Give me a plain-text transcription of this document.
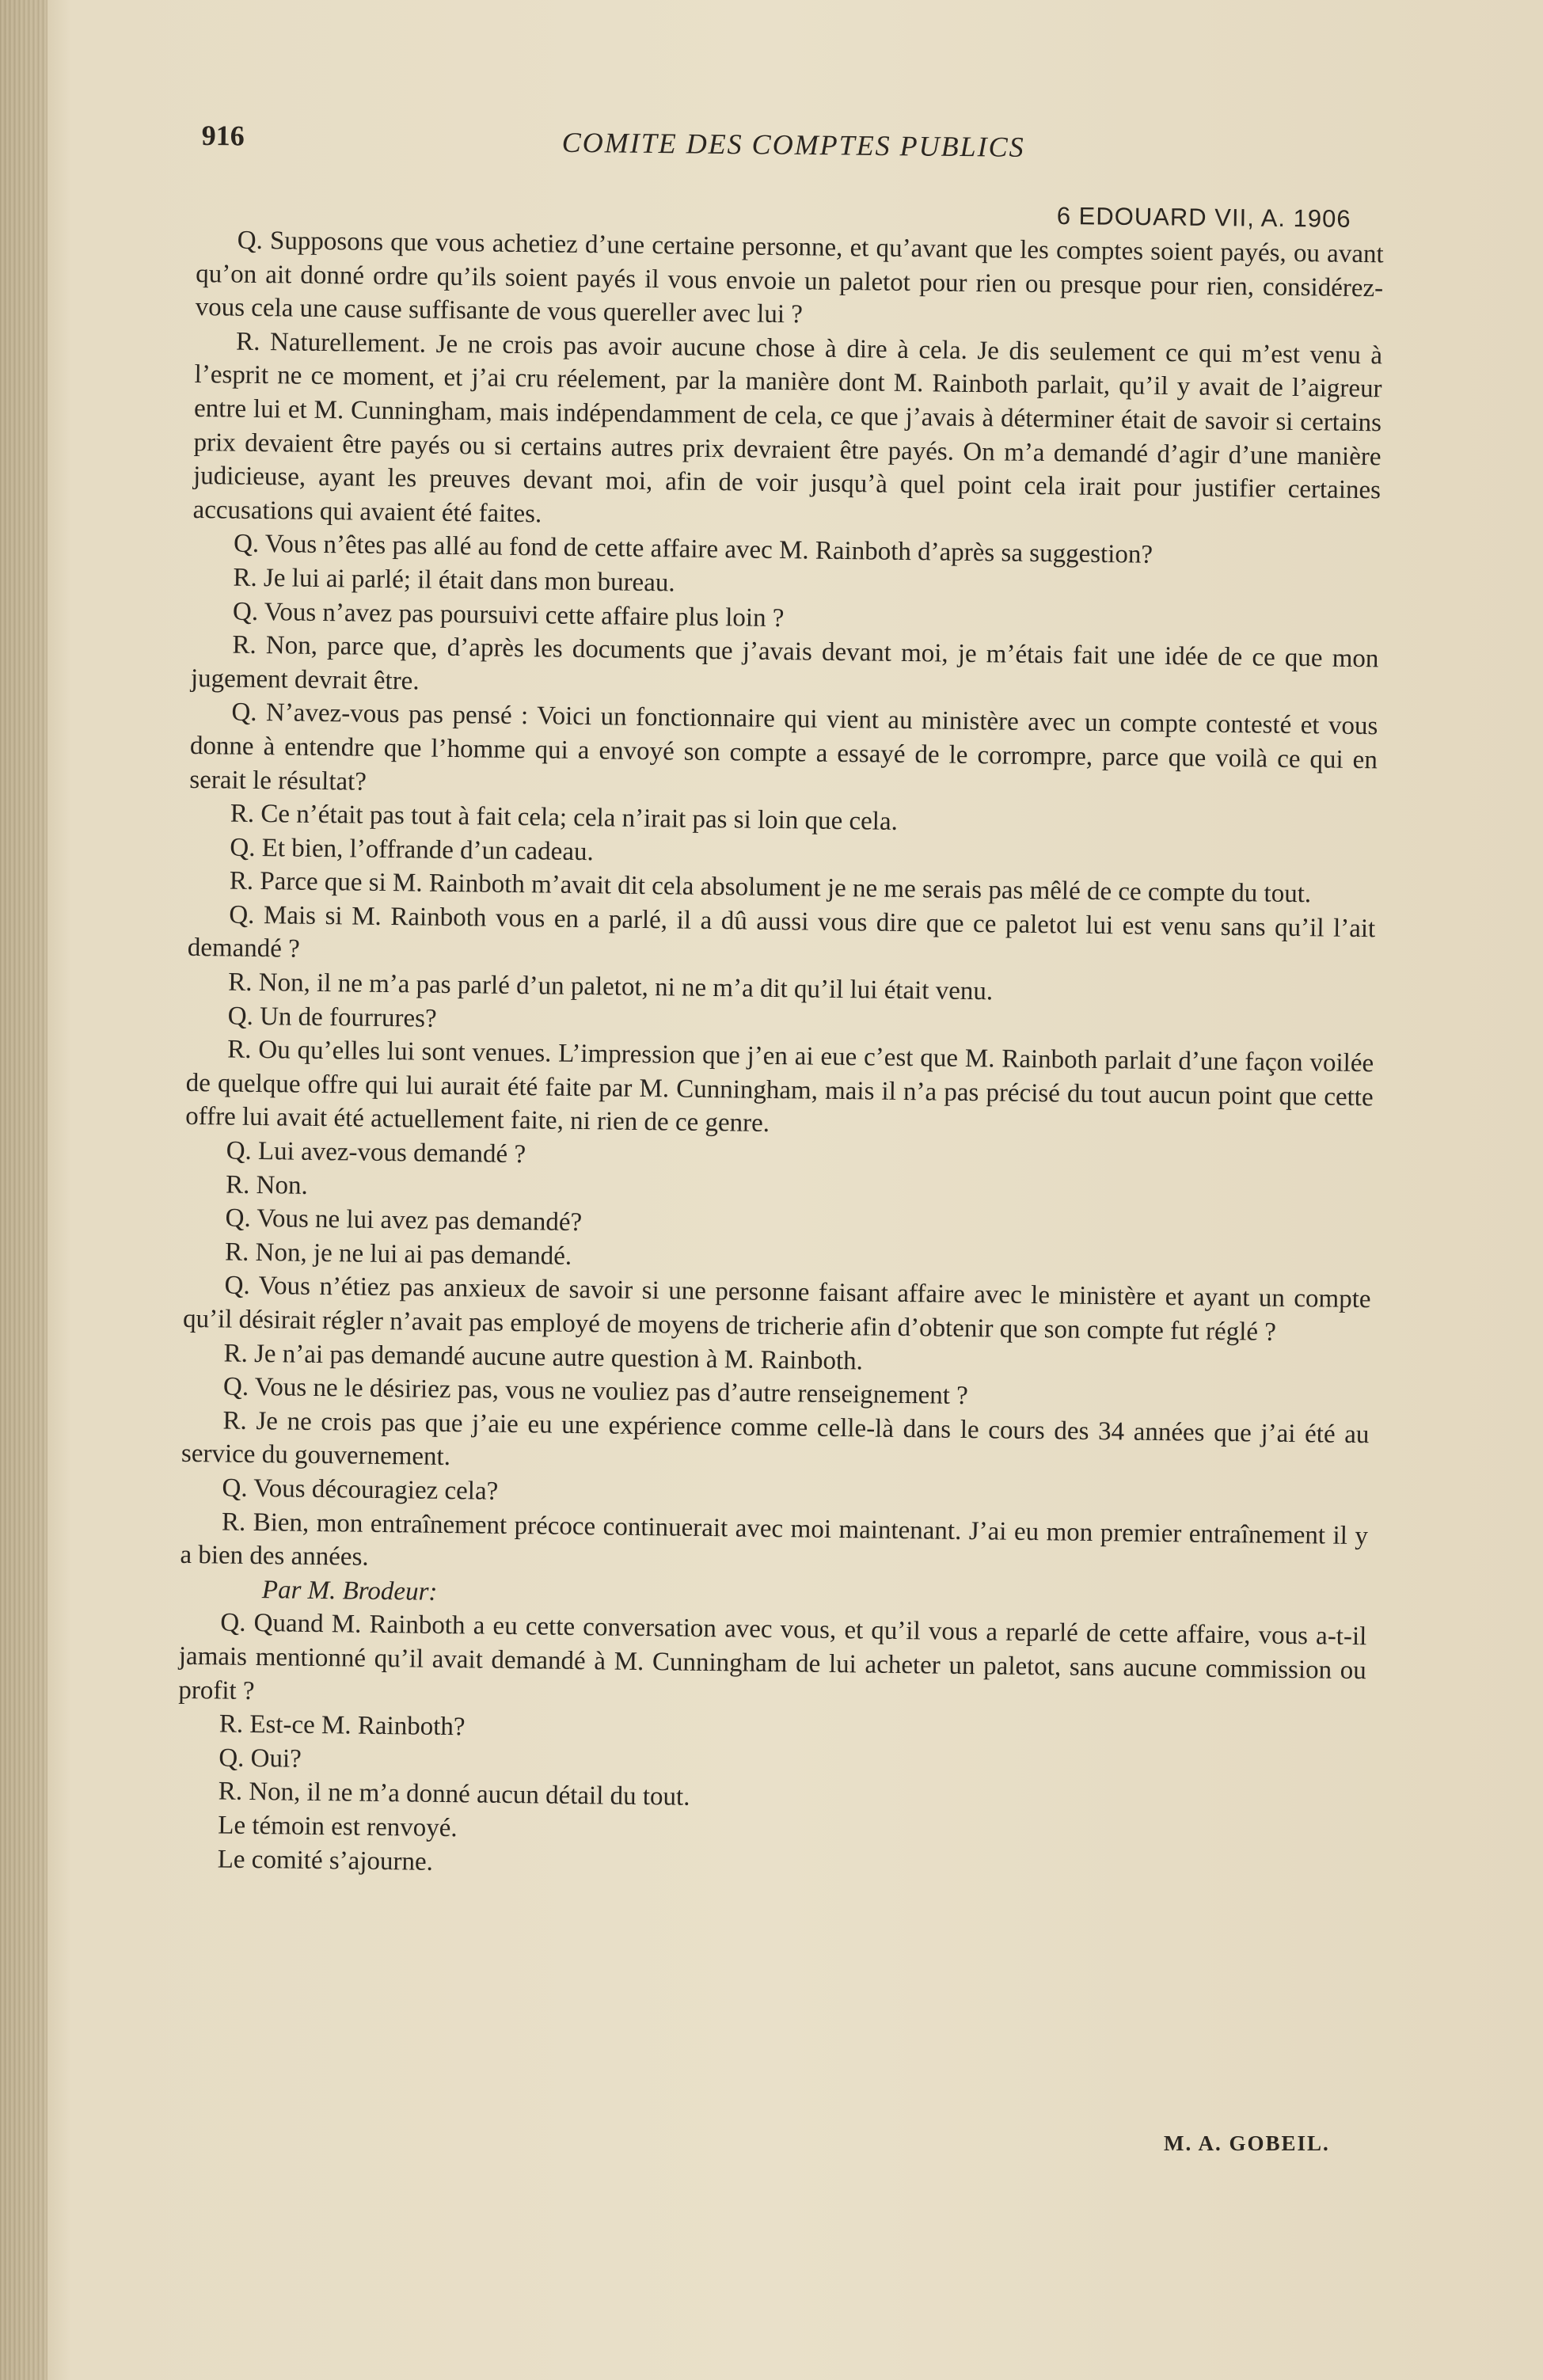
916	COMITE DES COMPTES PUBLICS
6 EDOUARD VII, A. 1906

Q. Supposons que vous achetiez d’une certaine personne, et qu’avant que les comptes soient payés, ou avant qu’on ait donné ordre qu’ils soient payés il vous envoie un paletot pour rien ou presque pour rien, considérez-vous cela une cause suffisante de vous quereller avec lui ?

R. Naturellement. Je ne crois pas avoir aucune chose à dire à cela. Je dis seulement ce qui m’est venu à l’esprit ne ce moment, et j’ai cru réelement, par la manière dont M. Rainboth parlait, qu’il y avait de l’aigreur entre lui et M. Cunningham, mais indépendamment de cela, ce que j’avais à déterminer était de savoir si certains prix devaient être payés ou si certains autres prix devraient être payés. On m’a demandé d’agir d’une manière judicieuse, ayant les preuves devant moi, afin de voir jusqu’à quel point cela irait pour justifier certaines accusations qui avaient été faites.

Q. Vous n’êtes pas allé au fond de cette affaire avec M. Rainboth d’après sa suggestion?

R. Je lui ai parlé; il était dans mon bureau.

Q. Vous n’avez pas poursuivi cette affaire plus loin ?

R. Non, parce que, d’après les documents que j’avais devant moi, je m’étais fait une idée de ce que mon jugement devrait être.

Q. N’avez-vous pas pensé : Voici un fonctionnaire qui vient au ministère avec un compte contesté et vous donne à entendre que l’homme qui a envoyé son compte a essayé de le corrompre, parce que voilà ce qui en serait le résultat?

R. Ce n’était pas tout à fait cela; cela n’irait pas si loin que cela.

Q. Et bien, l’offrande d’un cadeau.

R. Parce que si M. Rainboth m’avait dit cela absolument je ne me serais pas mêlé de ce compte du tout.

Q. Mais si M. Rainboth vous en a parlé, il a dû aussi vous dire que ce paletot lui est venu sans qu’il l’ait demandé ?

R. Non, il ne m’a pas parlé d’un paletot, ni ne m’a dit qu’il lui était venu.

Q. Un de fourrures?

R. Ou qu’elles lui sont venues. L’impression que j’en ai eue c’est que M. Rainboth parlait d’une façon voilée de quelque offre qui lui aurait été faite par M. Cunningham, mais il n’a pas précisé du tout aucun point que cette offre lui avait été actuellement faite, ni rien de ce genre.

Q. Lui avez-vous demandé ?

R. Non.

Q. Vous ne lui avez pas demandé?

R. Non, je ne lui ai pas demandé.

Q. Vous n’étiez pas anxieux de savoir si une personne faisant affaire avec le ministère et ayant un compte qu’il désirait régler n’avait pas employé de moyens de tricherie afin d’obtenir que son compte fut réglé ?

R. Je n’ai pas demandé aucune autre question à M. Rainboth.

Q. Vous ne le désiriez pas, vous ne vouliez pas d’autre renseignement ?

R. Je ne crois pas que j’aie eu une expérience comme celle-là dans le cours des 34 années que j’ai été au service du gouvernement.

Q. Vous découragiez cela?

R. Bien, mon entraînement précoce continuerait avec moi maintenant. J’ai eu mon premier entraînement il y a bien des années.

Par M. Brodeur:

Q. Quand M. Rainboth a eu cette conversation avec vous, et qu’il vous a reparlé de cette affaire, vous a-t-il jamais mentionné qu’il avait demandé à M. Cunningham de lui acheter un paletot, sans aucune commission ou profit ?

R. Est-ce M. Rainboth?

Q. Oui?

R. Non, il ne m’a donné aucun détail du tout.

Le témoin est renvoyé.

Le comité s’ajourne.

M. A. GOBEIL.
